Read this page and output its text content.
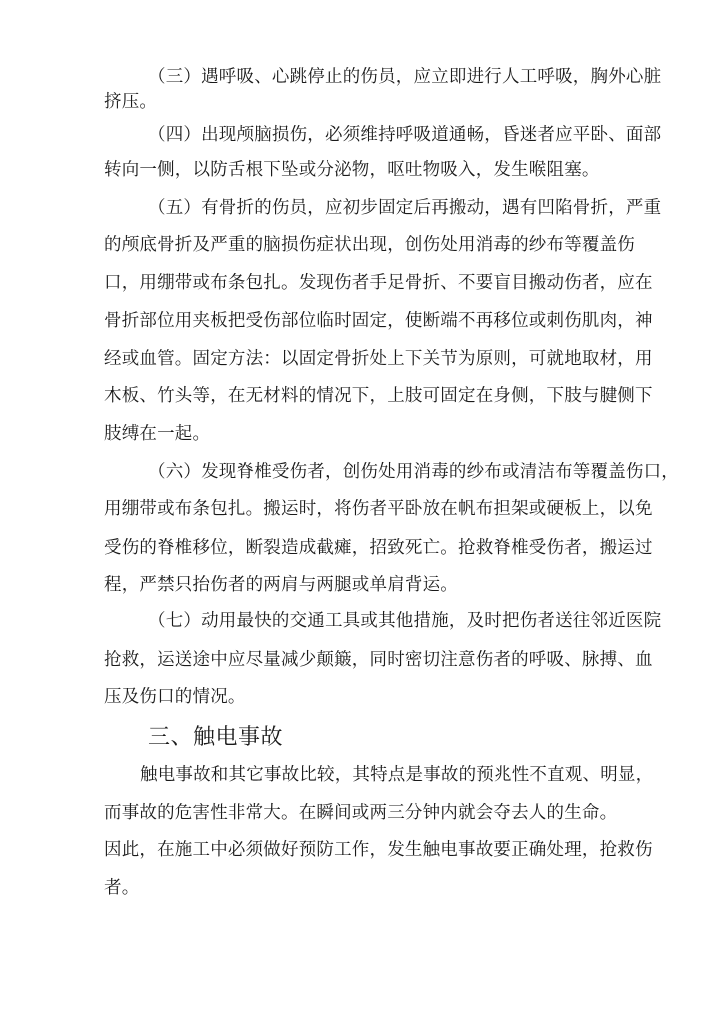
（三）遇呼吸、心跳停止的伤员，应立即进行人工呼吸，胸外心脏
挤压。
（四）出现颅脑损伤，必须维持呼吸道通畅，昏迷者应平卧、面部
转向一侧，以防舌根下坠或分泌物，呕吐物吸入，发生喉阻塞。
（五）有骨折的伤员，应初步固定后再搬动，遇有凹陷骨折，严重
的颅底骨折及严重的脑损伤症状出现，创伤处用消毒的纱布等覆盖伤
口，用绷带或布条包扎。发现伤者手足骨折、不要盲目搬动伤者，应在
骨折部位用夹板把受伤部位临时固定，使断端不再移位或刺伤肌肉，神
经或血管。固定方法：以固定骨折处上下关节为原则，可就地取材，用
木板、竹头等，在无材料的情况下，上肢可固定在身侧，下肢与腱侧下
肢缚在一起。
（六）发现脊椎受伤者，创伤处用消毒的纱布或清洁布等覆盖伤口，
用绷带或布条包扎。搬运时，将伤者平卧放在帆布担架或硬板上，以免
受伤的脊椎移位，断裂造成截瘫，招致死亡。抢救脊椎受伤者，搬运过
程，严禁只抬伤者的两肩与两腿或单肩背运。
（七）动用最快的交通工具或其他措施，及时把伤者送往邻近医院
抢救，运送途中应尽量减少颠簸，同时密切注意伤者的呼吸、脉搏、血
压及伤口的情况。
三、触电事故
触电事故和其它事故比较，其特点是事故的预兆性不直观、明显，
而事故的危害性非常大。在瞬间或两三分钟内就会夺去人的生命。
因此，在施工中必须做好预防工作，发生触电事故要正确处理，抢救伤
者。
